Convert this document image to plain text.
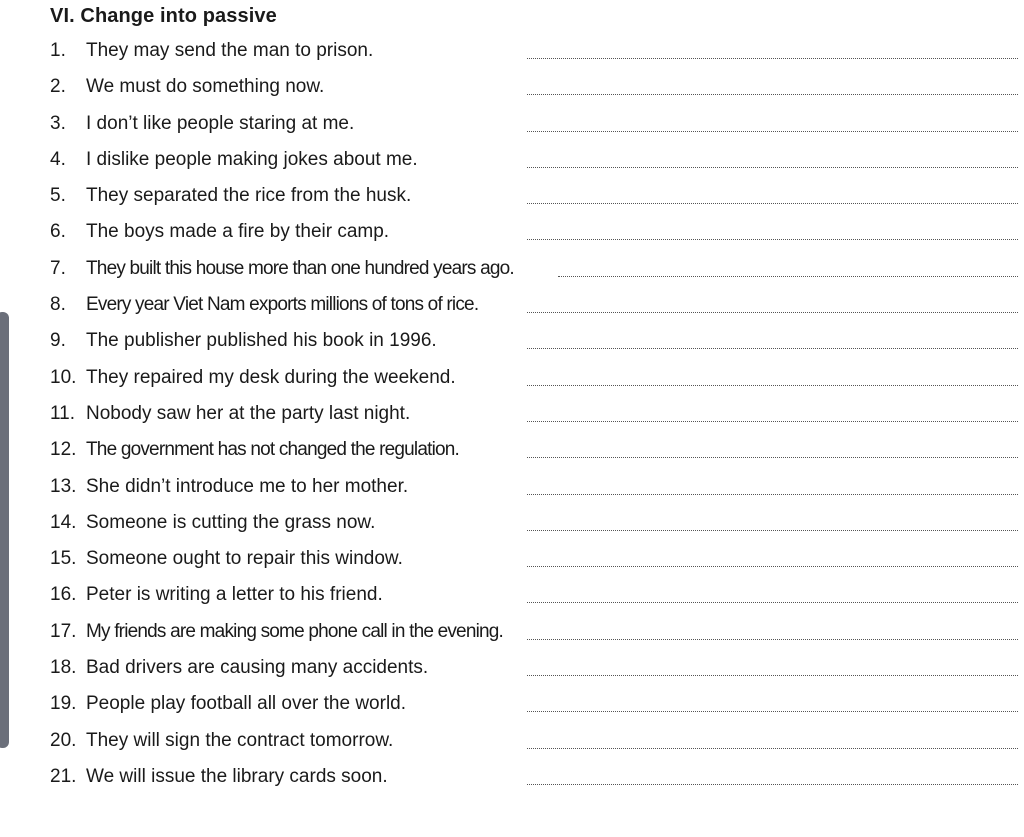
VI. Change into passive
1.	They may send the man to prison.
2.	We must do something now.
3.	I don’t like people staring at me.
4.	I dislike people making jokes about me.
5.	They separated the rice from the husk.
6.	The boys made a fire by their camp.
7.	They built this house more than one hundred years ago.
8.	Every year Viet Nam exports millions of tons of rice.
9.	The publisher published his book in 1996.
10. They repaired my desk during the weekend.
11. Nobody saw her at the party last night.
12. The government has not changed the regulation.
13. She didn’t introduce me to her mother.
14. Someone is cutting the grass now.
15. Someone ought to repair this window.
16. Peter is writing a letter to his friend.
17. My friends are making some phone call in the evening.
18. Bad drivers are causing many accidents.
19. People play football all over the world.
20. They will sign the contract tomorrow.
21. We will issue the library cards soon.
